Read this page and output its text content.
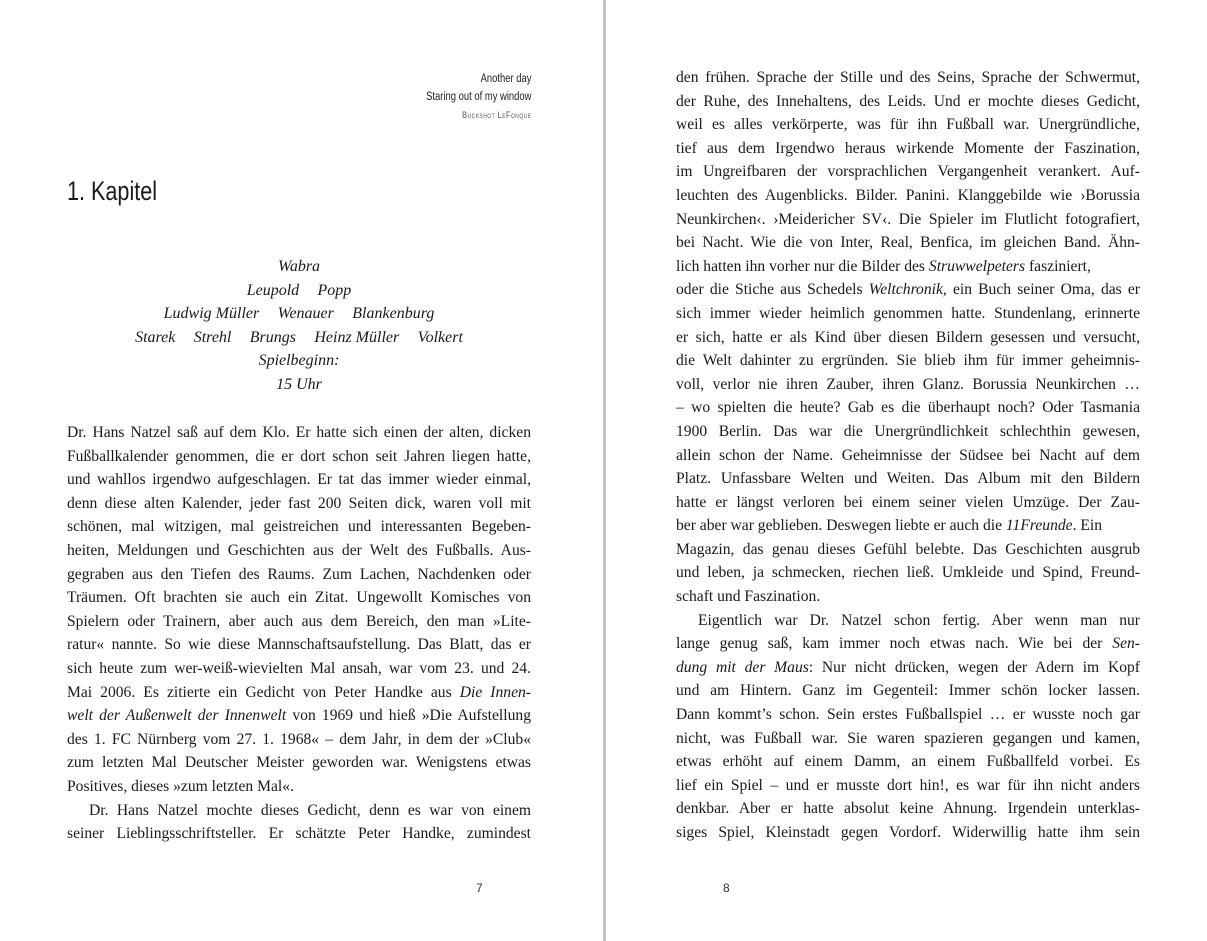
Another day
Staring out of my window
Buckshot LeFonque
1. Kapitel
Wabra
Leupold Popp
Ludwig Müller Wenauer Blankenburg
Starek Strehl Brungs Heinz Müller Volkert
Spielbeginn:
15 Uhr
Dr. Hans Natzel saß auf dem Klo. Er hatte sich einen der alten, dicken
Fußballkalender genommen, die er dort schon seit Jahren liegen hatte,
und wahllos irgendwo aufgeschlagen. Er tat das immer wieder einmal,
denn diese alten Kalender, jeder fast 200 Seiten dick, waren voll mit
schönen, mal witzigen, mal geistreichen und interessanten Begeben-
heiten, Meldungen und Geschichten aus der Welt des Fußballs. Aus-
gegraben aus den Tiefen des Raums. Zum Lachen, Nachdenken oder
Träumen. Oft brachten sie auch ein Zitat. Ungewollt Komisches von
Spielern oder Trainern, aber auch aus dem Bereich, den man »Lite-
ratur« nannte. So wie diese Mannschaftsaufstellung. Das Blatt, das er
sich heute zum wer-weiß-wievielten Mal ansah, war vom 23. und 24.
Mai 2006. Es zitierte ein Gedicht von Peter Handke aus Die Innen-
welt der Außenwelt der Innenwelt von 1969 und hieß »Die Aufstellung
des 1. FC Nürnberg vom 27. 1. 1968« – dem Jahr, in dem der »Club«
zum letzten Mal Deutscher Meister geworden war. Wenigstens etwas
Positives, dieses »zum letzten Mal«.
Dr. Hans Natzel mochte dieses Gedicht, denn es war von einem
seiner Lieblingsschriftsteller. Er schätzte Peter Handke, zumindest
7
den frühen. Sprache der Stille und des Seins, Sprache der Schwermut,
der Ruhe, des Innehaltens, des Leids. Und er mochte dieses Gedicht,
weil es alles verkörperte, was für ihn Fußball war. Unergründliche,
tief aus dem Irgendwo heraus wirkende Momente der Faszination,
im Ungreifbaren der vorsprachlichen Vergangenheit verankert. Auf-
leuchten des Augenblicks. Bilder. Panini. Klanggebilde wie ›Borussia
Neunkirchen‹. ›Meidericher SV‹. Die Spieler im Flutlicht fotografiert,
bei Nacht. Wie die von Inter, Real, Benfica, im gleichen Band. Ähn-
lich hatten ihn vorher nur die Bilder des Struwwelpeters fasziniert,
oder die Stiche aus Schedels Weltchronik, ein Buch seiner Oma, das er
sich immer wieder heimlich genommen hatte. Stundenlang, erinnerte
er sich, hatte er als Kind über diesen Bildern gesessen und versucht,
die Welt dahinter zu ergründen. Sie blieb ihm für immer geheimnis-
voll, verlor nie ihren Zauber, ihren Glanz. Borussia Neunkirchen …
– wo spielten die heute? Gab es die überhaupt noch? Oder Tasmania
1900 Berlin. Das war die Unergründlichkeit schlechthin gewesen,
allein schon der Name. Geheimnisse der Südsee bei Nacht auf dem
Platz. Unfassbare Welten und Weiten. Das Album mit den Bildern
hatte er längst verloren bei einem seiner vielen Umzüge. Der Zau-
ber aber war geblieben. Deswegen liebte er auch die 11Freunde. Ein
Magazin, das genau dieses Gefühl belebte. Das Geschichten ausgrub
und leben, ja schmecken, riechen ließ. Umkleide und Spind, Freund-
schaft und Faszination.
Eigentlich war Dr. Natzel schon fertig. Aber wenn man nur
lange genug saß, kam immer noch etwas nach. Wie bei der Sen-
dung mit der Maus: Nur nicht drücken, wegen der Adern im Kopf
und am Hintern. Ganz im Gegenteil: Immer schön locker lassen.
Dann kommt’s schon. Sein erstes Fußballspiel … er wusste noch gar
nicht, was Fußball war. Sie waren spazieren gegangen und kamen,
etwas erhöht auf einem Damm, an einem Fußballfeld vorbei. Es
lief ein Spiel – und er musste dort hin!, es war für ihn nicht anders
denkbar. Aber er hatte absolut keine Ahnung. Irgendein unterklas-
siges Spiel, Kleinstadt gegen Vordorf. Widerwillig hatte ihm sein
8
